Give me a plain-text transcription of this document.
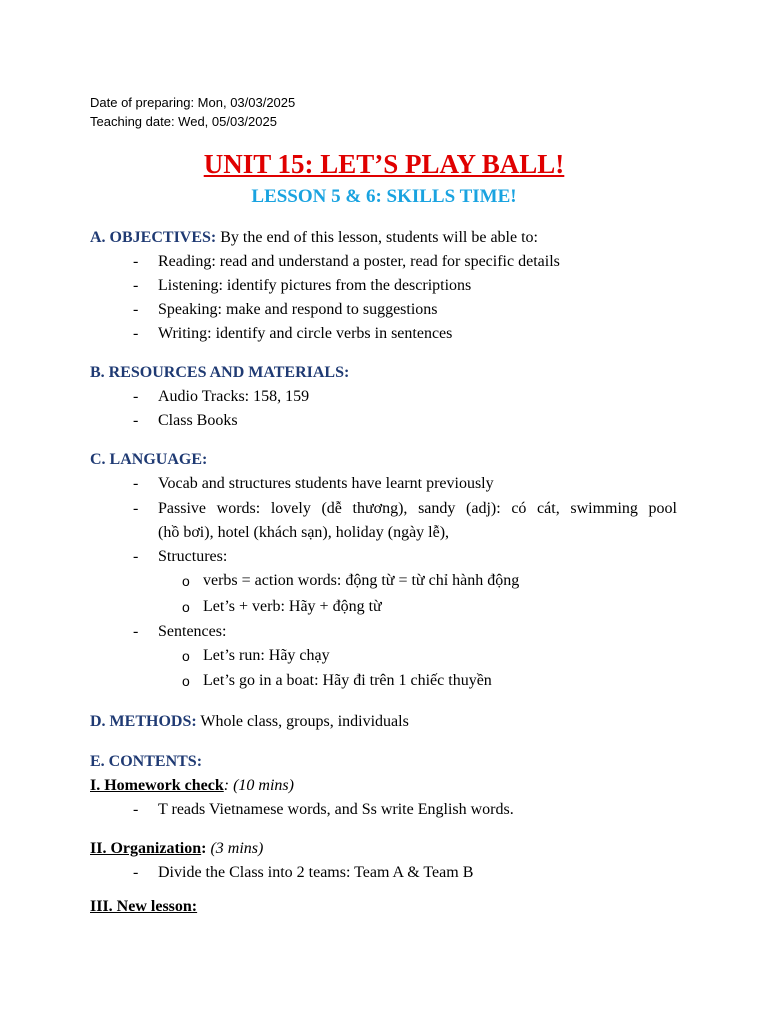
Date of preparing: Mon, 03/03/2025
Teaching date: Wed, 05/03/2025
UNIT 15: LET’S PLAY BALL!
LESSON 5 & 6: SKILLS TIME!
A. OBJECTIVES: By the end of this lesson, students will be able to:
- Reading: read and understand a poster, read for specific details
- Listening: identify pictures from the descriptions
- Speaking: make and respond to suggestions
- Writing: identify and circle verbs in sentences
B. RESOURCES AND MATERIALS:
- Audio Tracks: 158, 159
- Class Books
C. LANGUAGE:
- Vocab and structures students have learnt previously
- Passive words: lovely (dễ thương), sandy (adj): có cát, swimming pool
(hồ bơi), hotel (khách sạn), holiday (ngày lễ),
- Structures:
o verbs = action words: động từ = từ chỉ hành động
o Let’s + verb: Hãy + động từ
- Sentences:
o Let’s run: Hãy chạy
o Let’s go in a boat: Hãy đi trên 1 chiếc thuyền
D. METHODS: Whole class, groups, individuals
E. CONTENTS:
I. Homework check: (10 mins)
- T reads Vietnamese words, and Ss write English words.
II. Organization: (3 mins)
- Divide the Class into 2 teams: Team A & Team B
III. New lesson:
